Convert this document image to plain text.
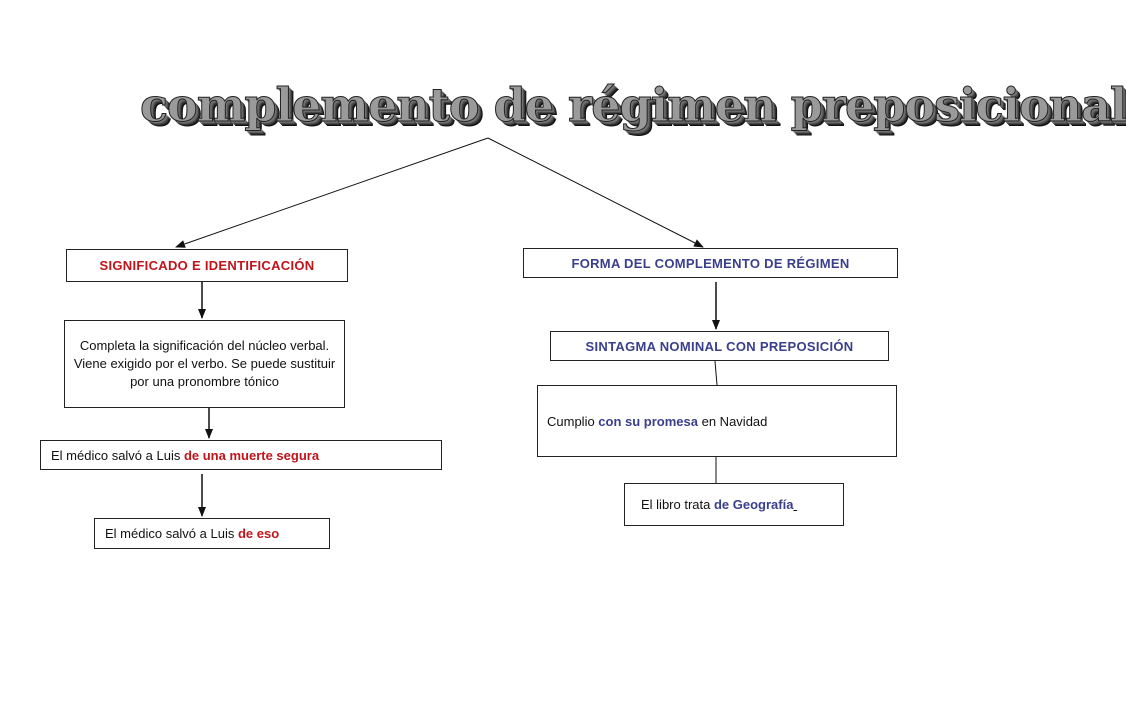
complemento de régimen preposicional
SIGNIFICADO E IDENTIFICACIÓN
Completa la significación del núcleo verbal. Viene exigido por el verbo. Se puede sustituir por una pronombre tónico
El médico salvó a Luis de una muerte segura
El médico salvó a Luis de eso
FORMA DEL COMPLEMENTO DE RÉGIMEN
SINTAGMA NOMINAL CON PREPOSICIÓN
Cumplio con su promesa en Navidad
El libro trata de Geografía
